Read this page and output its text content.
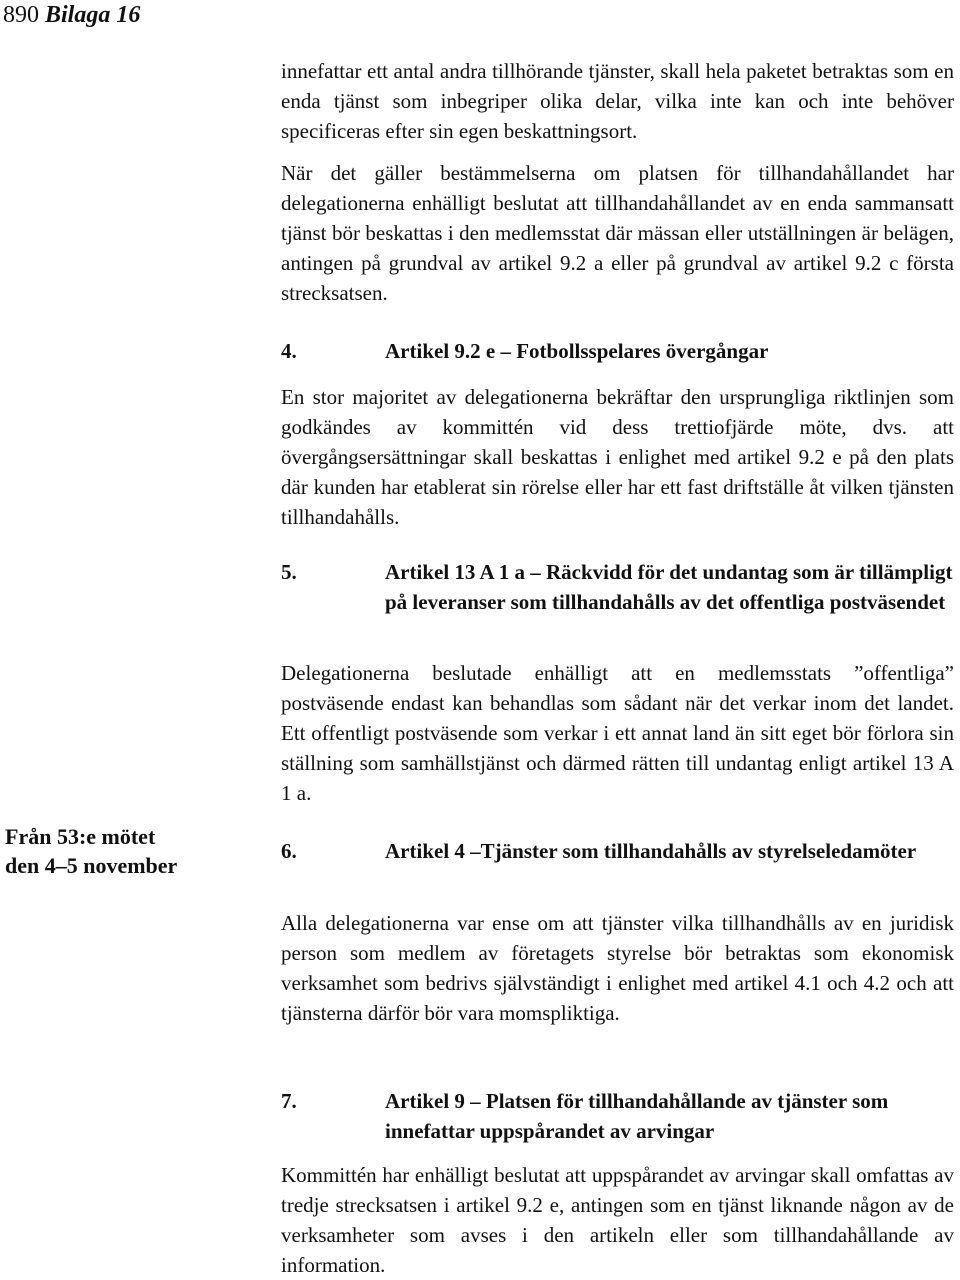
890 Bilaga 16
Från 53:e mötet
den 4–5 november

innefattar ett antal andra tillhörande tjänster, skall hela paketet betraktas som en enda tjänst som inbegriper olika delar, vilka inte kan och inte behöver specificeras efter sin egen beskattningsort.

När det gäller bestämmelserna om platsen för tillhandahållandet har delegationerna enhälligt beslutat att tillhandahållandet av en enda sammansatt tjänst bör beskattas i den medlemsstat där mässan eller utställningen är belägen, antingen på grundval av artikel 9.2 a eller på grundval av artikel 9.2 c första strecksatsen.

4.	Artikel 9.2 e – Fotbollsspelares övergångar

En stor majoritet av delegationerna bekräftar den ursprungliga riktlinjen som godkändes av kommittén vid dess trettiofjärde möte, dvs. att övergångsersättningar skall beskattas i enlighet med artikel 9.2 e på den plats där kunden har etablerat sin rörelse eller har ett fast driftställe åt vilken tjänsten tillhandahålls.

5.	Artikel 13 A 1 a – Räckvidd för det undantag som är tillämpligt på leveranser som tillhandahålls av det offentliga postväsendet

Delegationerna beslutade enhälligt att en medlemsstats ”offentliga” postväsende endast kan behandlas som sådant när det verkar inom det landet. Ett offentligt postväsende som verkar i ett annat land än sitt eget bör förlora sin ställning som samhällstjänst och därmed rätten till undantag enligt artikel 13 A 1 a.

6.	Artikel 4 –Tjänster som tillhandahålls av styrelseledamöter

Alla delegationerna var ense om att tjänster vilka tillhandhålls av en juridisk person som medlem av företagets styrelse bör betraktas som ekonomisk verksamhet som bedrivs självständigt i enlighet med artikel 4.1 och 4.2 och att tjänsterna därför bör vara momspliktiga.

7.	Artikel 9 – Platsen för tillhandahållande av tjänster som innefattar uppspårandet av arvingar

Kommittén har enhälligt beslutat att uppspårandet av arvingar skall omfattas av tredje strecksatsen i artikel 9.2 e, antingen som en tjänst liknande någon av de verksamheter som avses i den artikeln eller som tillhandahållande av information.
